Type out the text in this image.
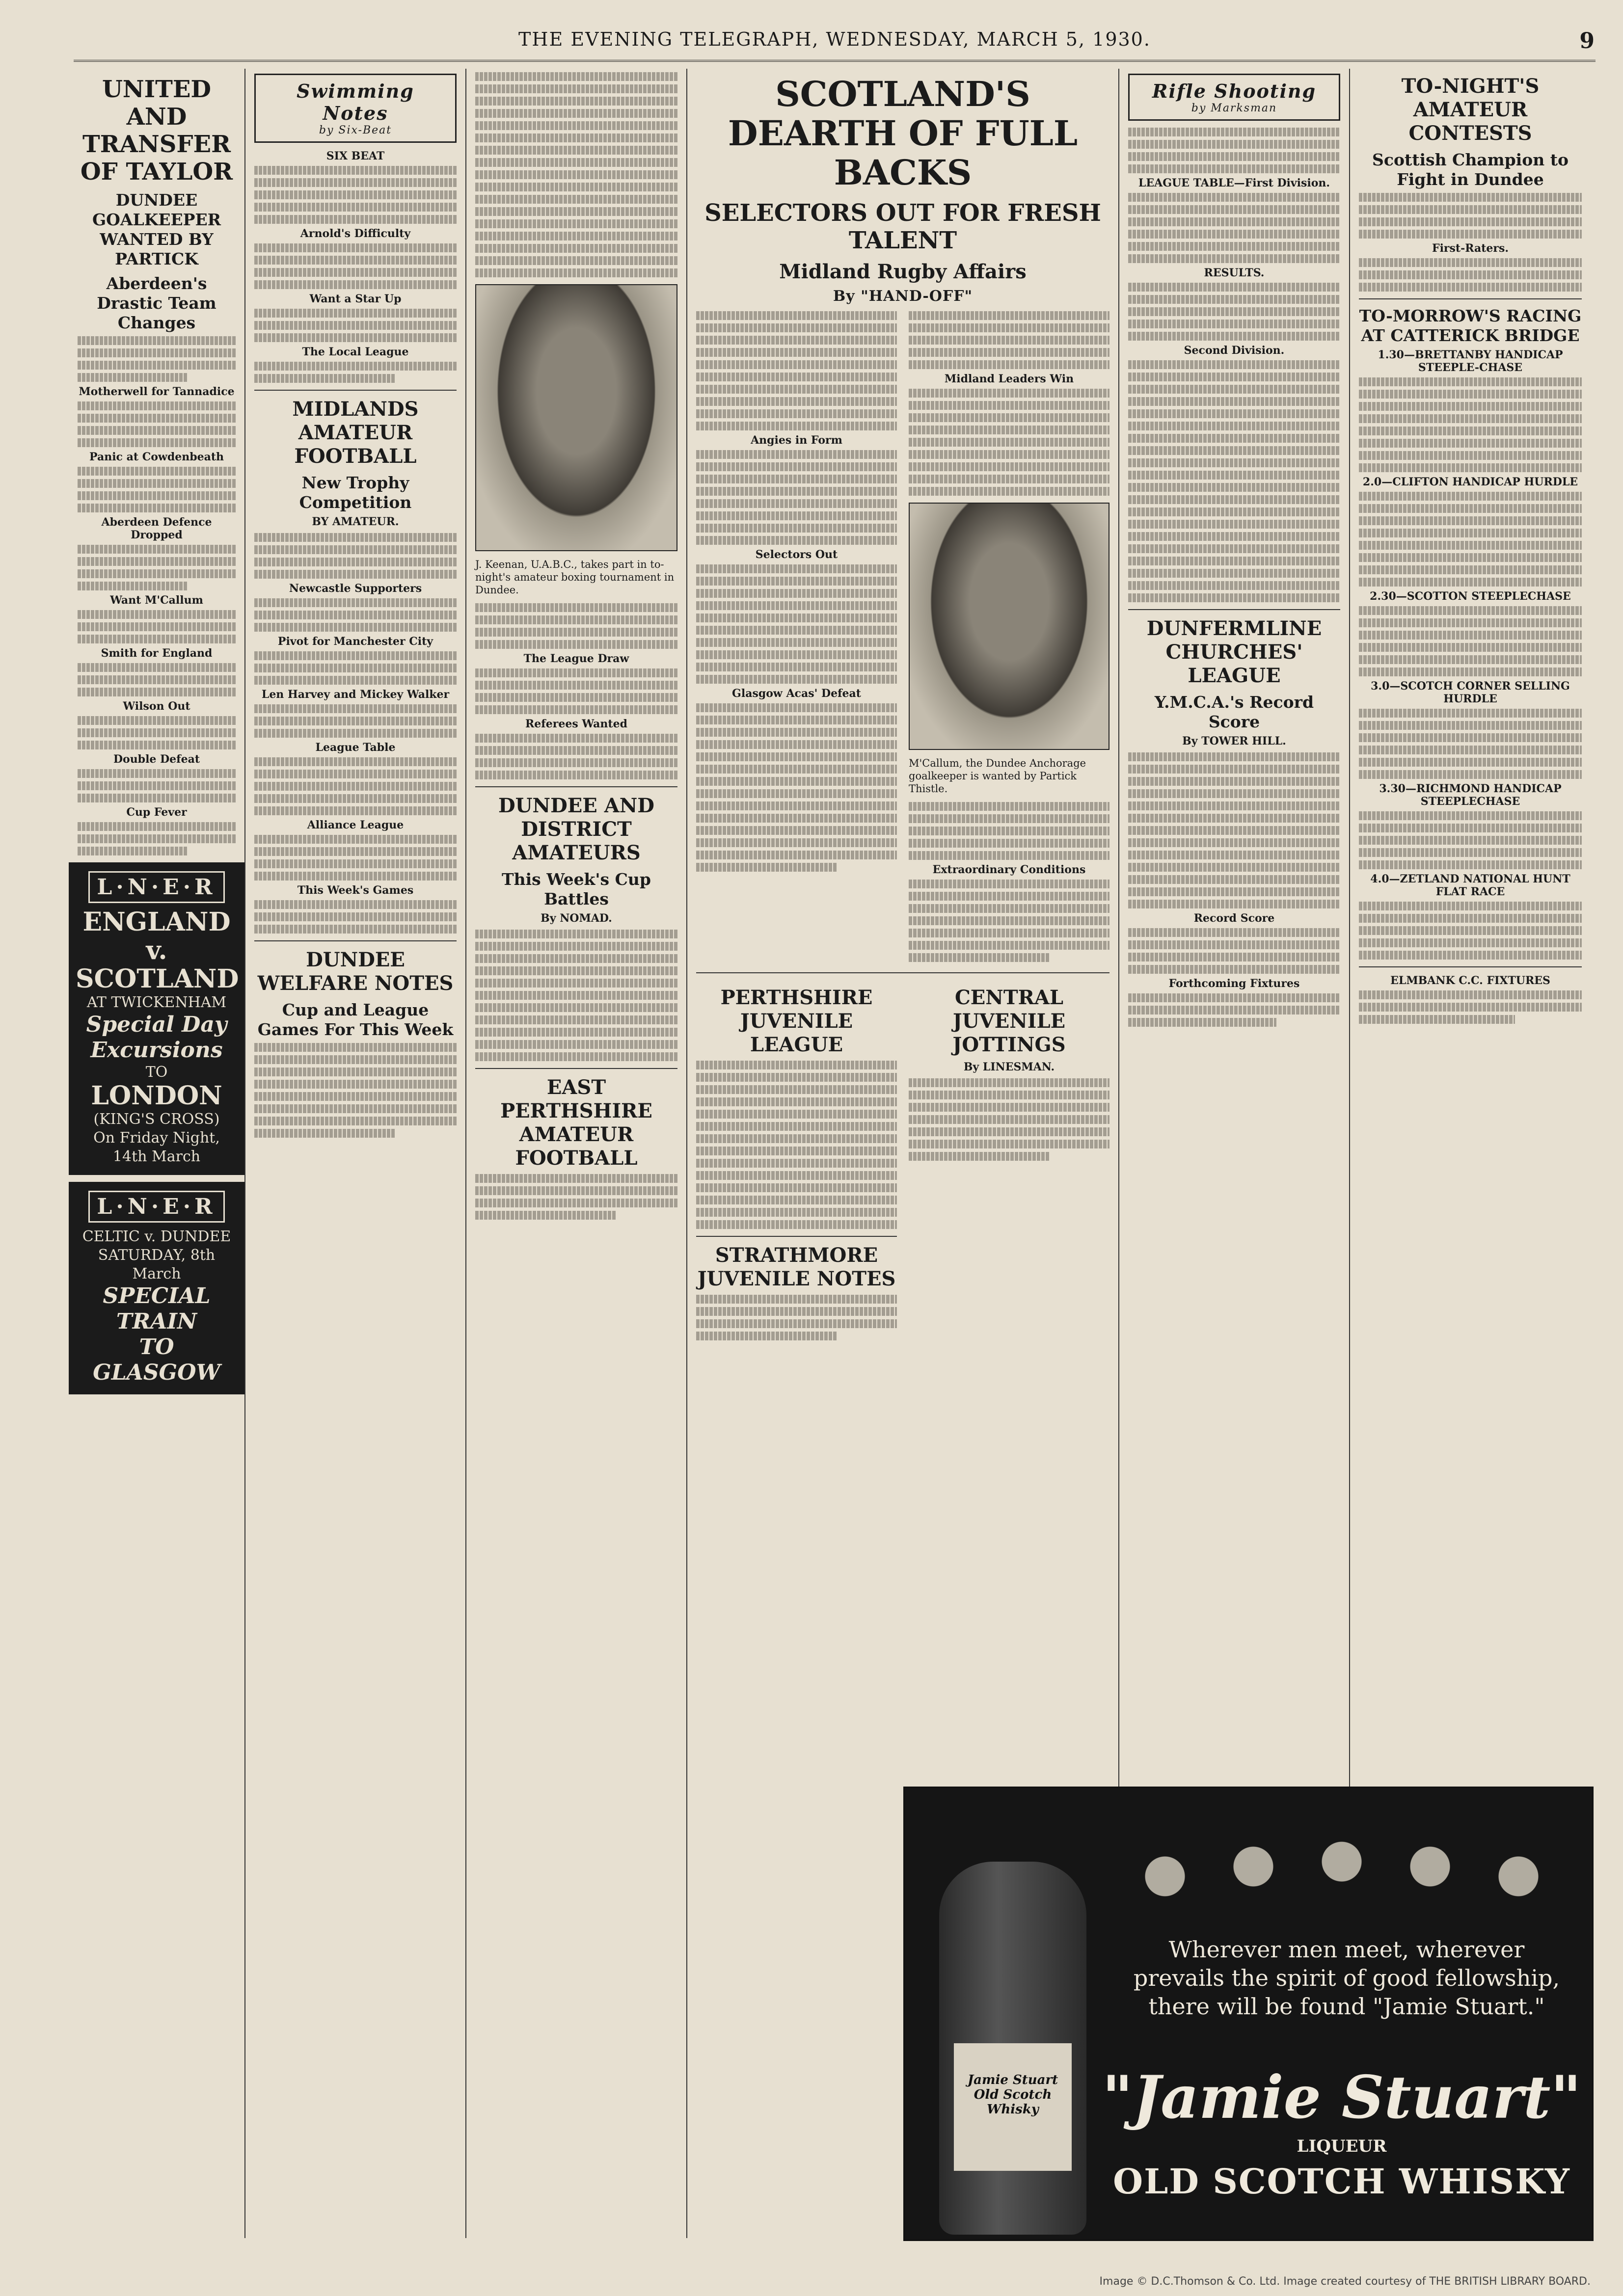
THE EVENING TELEGRAPH, WEDNESDAY, MARCH 5, 1930.	9
UNITED AND TRANSFER OF TAYLOR
DUNDEE GOALKEEPER WANTED BY PARTICK
Aberdeen's Drastic Team Changes
Motherwell for Tannadice
Panic at Cowdenbeath
Aberdeen Defence Dropped
Want M'Callum
Smith for England
Wilson Out
Double Defeat
Cup Fever
L·N·E·R
ENGLAND v. SCOTLAND
AT TWICKENHAM
Special Day Excursions
TO
LONDON
(KING'S CROSS)
On Friday Night, 14th March
L·N·E·R
CELTIC v. DUNDEE
SATURDAY, 8th March
SPECIAL TRAIN
TO GLASGOW
Swimming Notes
by Six-Beat
SIX BEAT
Arnold's Difficulty
Want a Star Up
The Local League
MIDLANDS AMATEUR FOOTBALL
New Trophy Competition
BY AMATEUR.
Newcastle Supporters
Pivot for Manchester City
Len Harvey and Mickey Walker
League Table
Alliance League
This Week's Games
DUNDEE WELFARE NOTES
Cup and League Games For This Week
J. Keenan, U.A.B.C., takes part in to-night's amateur boxing tournament in Dundee.
The League Draw
Referees Wanted
DUNDEE AND DISTRICT AMATEURS
This Week's Cup Battles
By NOMAD.
EAST PERTHSHIRE AMATEUR FOOTBALL
SCOTLAND'S DEARTH OF FULL BACKS
SELECTORS OUT FOR FRESH TALENT
Midland Rugby Affairs
By "HAND-OFF"
Angies in Form
Selectors Out
Glasgow Acas' Defeat
Midland Leaders Win
M'Callum, the Dundee Anchorage goalkeeper is wanted by Partick Thistle.
Extraordinary Conditions
PERTHSHIRE JUVENILE LEAGUE
STRATHMORE JUVENILE NOTES
CENTRAL JUVENILE JOTTINGS
By LINESMAN.
Rifle Shooting
by Marksman
LEAGUE TABLE—First Division.
RESULTS.
Second Division.
DUNFERMLINE CHURCHES' LEAGUE
Y.M.C.A.'s Record Score
By TOWER HILL.
Record Score
Forthcoming Fixtures
TO-NIGHT'S AMATEUR CONTESTS
Scottish Champion to Fight in Dundee
First-Raters.
TO-MORROW'S RACING AT CATTERICK BRIDGE
1.30—BRETTANBY HANDICAP STEEPLE-CHASE
2.0—CLIFTON HANDICAP HURDLE
2.30—SCOTTON STEEPLECHASE
3.0—SCOTCH CORNER SELLING HURDLE
3.30—RICHMOND HANDICAP STEEPLECHASE
4.0—ZETLAND NATIONAL HUNT FLAT RACE
ELMBANK C.C. FIXTURES
Jamie Stuart Old Scotch Whisky
Wherever men meet, wherever prevails the spirit of good fellowship, there will be found "Jamie Stuart."
"Jamie Stuart"
LIQUEUR
OLD SCOTCH WHISKY
Image © D.C.Thomson & Co. Ltd. Image created courtesy of THE BRITISH LIBRARY BOARD.
